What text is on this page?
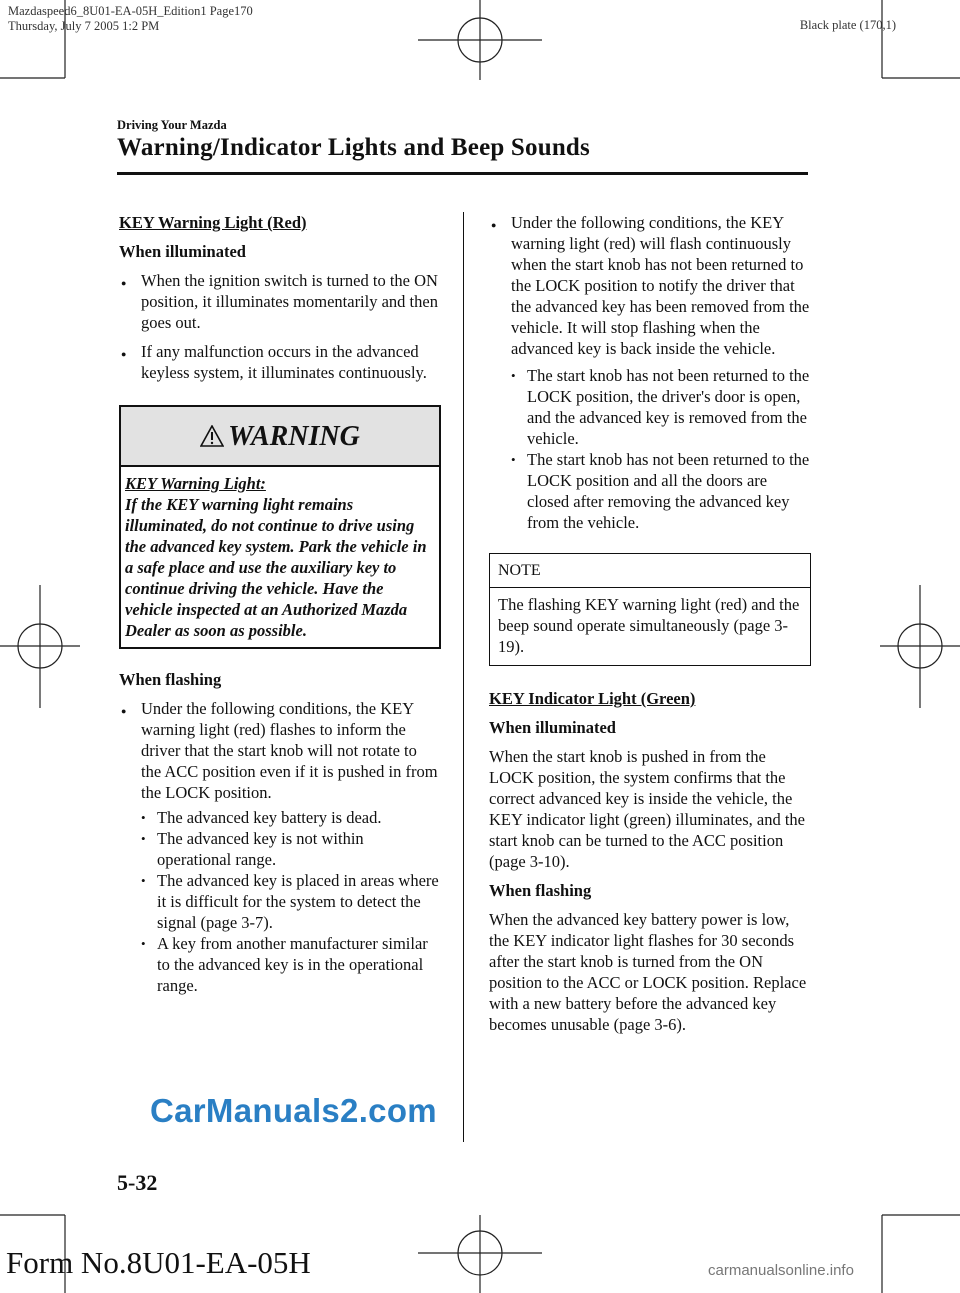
Mazdaspeed6_8U01-EA-05H_Edition1 Page170
Thursday, July 7 2005 1:2 PM	Black plate (170,1)
Driving Your Mazda
Warning/Indicator Lights and Beep Sounds
KEY Warning Light (Red)
When illuminated
● When the ignition switch is turned to the ON position, it illuminates momentarily and then goes out.
● If any malfunction occurs in the advanced keyless system, it illuminates continuously.
WARNING
KEY Warning Light:
If the KEY warning light remains illuminated, do not continue to drive using the advanced key system. Park the vehicle in a safe place and use the auxiliary key to continue driving the vehicle. Have the vehicle inspected at an Authorized Mazda Dealer as soon as possible.
When flashing
● Under the following conditions, the KEY warning light (red) flashes to inform the driver that the start knob will not rotate to the ACC position even if it is pushed in from the LOCK position.
• The advanced key battery is dead.
• The advanced key is not within operational range.
• The advanced key is placed in areas where it is difficult for the system to detect the signal (page 3-7).
• A key from another manufacturer similar to the advanced key is in the operational range.
● Under the following conditions, the KEY warning light (red) will flash continuously when the start knob has not been returned to the LOCK position to notify the driver that the advanced key has been removed from the vehicle. It will stop flashing when the advanced key is back inside the vehicle.
• The start knob has not been returned to the LOCK position, the driver's door is open, and the advanced key is removed from the vehicle.
• The start knob has not been returned to the LOCK position and all the doors are closed after removing the advanced key from the vehicle.
NOTE
The flashing KEY warning light (red) and the beep sound operate simultaneously (page 3-19).
KEY Indicator Light (Green)
When illuminated
When the start knob is pushed in from the LOCK position, the system confirms that the correct advanced key is inside the vehicle, the KEY indicator light (green) illuminates, and the start knob can be turned to the ACC position (page 3-10).
When flashing
When the advanced key battery power is low, the KEY indicator light flashes for 30 seconds after the start knob is turned from the ON position to the ACC or LOCK position. Replace with a new battery before the advanced key becomes unusable (page 3-6).
CarManuals2.com
5-32
Form No.8U01-EA-05H	carmanualsonline.info
